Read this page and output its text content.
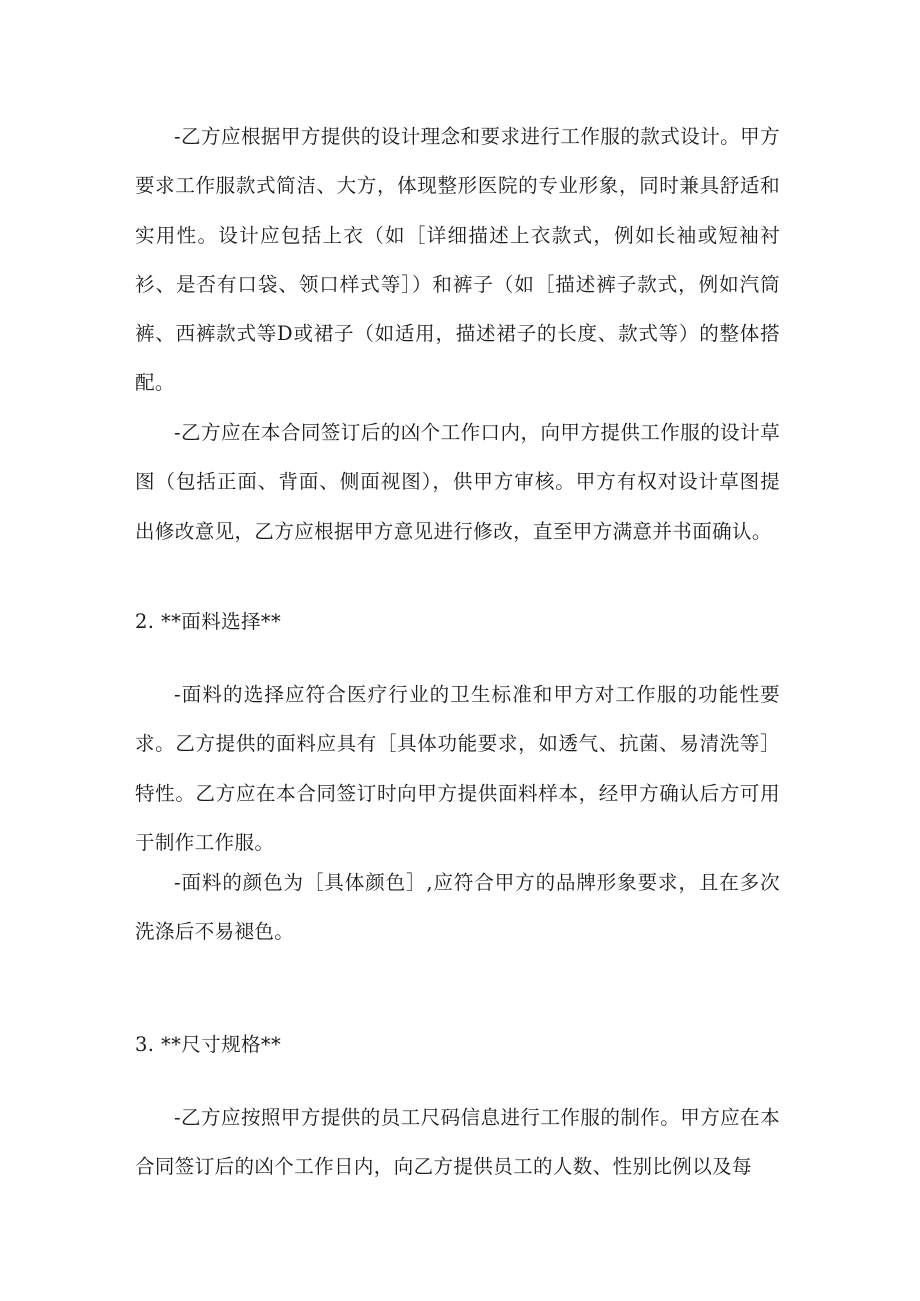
-乙方应根据甲方提供的设计理念和要求进行工作服的款式设计。甲方要求工作服款式简洁、大方，体现整形医院的专业形象，同时兼具舒适和实用性。设计应包括上衣（如［详细描述上衣款式，例如长袖或短袖衬衫、是否有口袋、领口样式等］）和裤子（如［描述裤子款式，例如汽筒裤、西裤款式等D或裙子（如适用，描述裙子的长度、款式等）的整体搭配。

-乙方应在本合同签订后的凶个工作口内，向甲方提供工作服的设计草图（包括正面、背面、侧面视图），供甲方审核。甲方有权对设计草图提出修改意见，乙方应根据甲方意见进行修改，直至甲方满意并书面确认。

2. **面料选择**

-面料的选择应符合医疗行业的卫生标准和甲方对工作服的功能性要求。乙方提供的面料应具有［具体功能要求，如透气、抗菌、易清洗等］特性。乙方应在本合同签订时向甲方提供面料样本，经甲方确认后方可用于制作工作服。

-面料的颜色为［具体颜色］,应符合甲方的品牌形象要求，且在多次洗涤后不易褪色。

3. **尺寸规格**

-乙方应按照甲方提供的员工尺码信息进行工作服的制作。甲方应在本合同签订后的凶个工作日内，向乙方提供员工的人数、性别比例以及每
